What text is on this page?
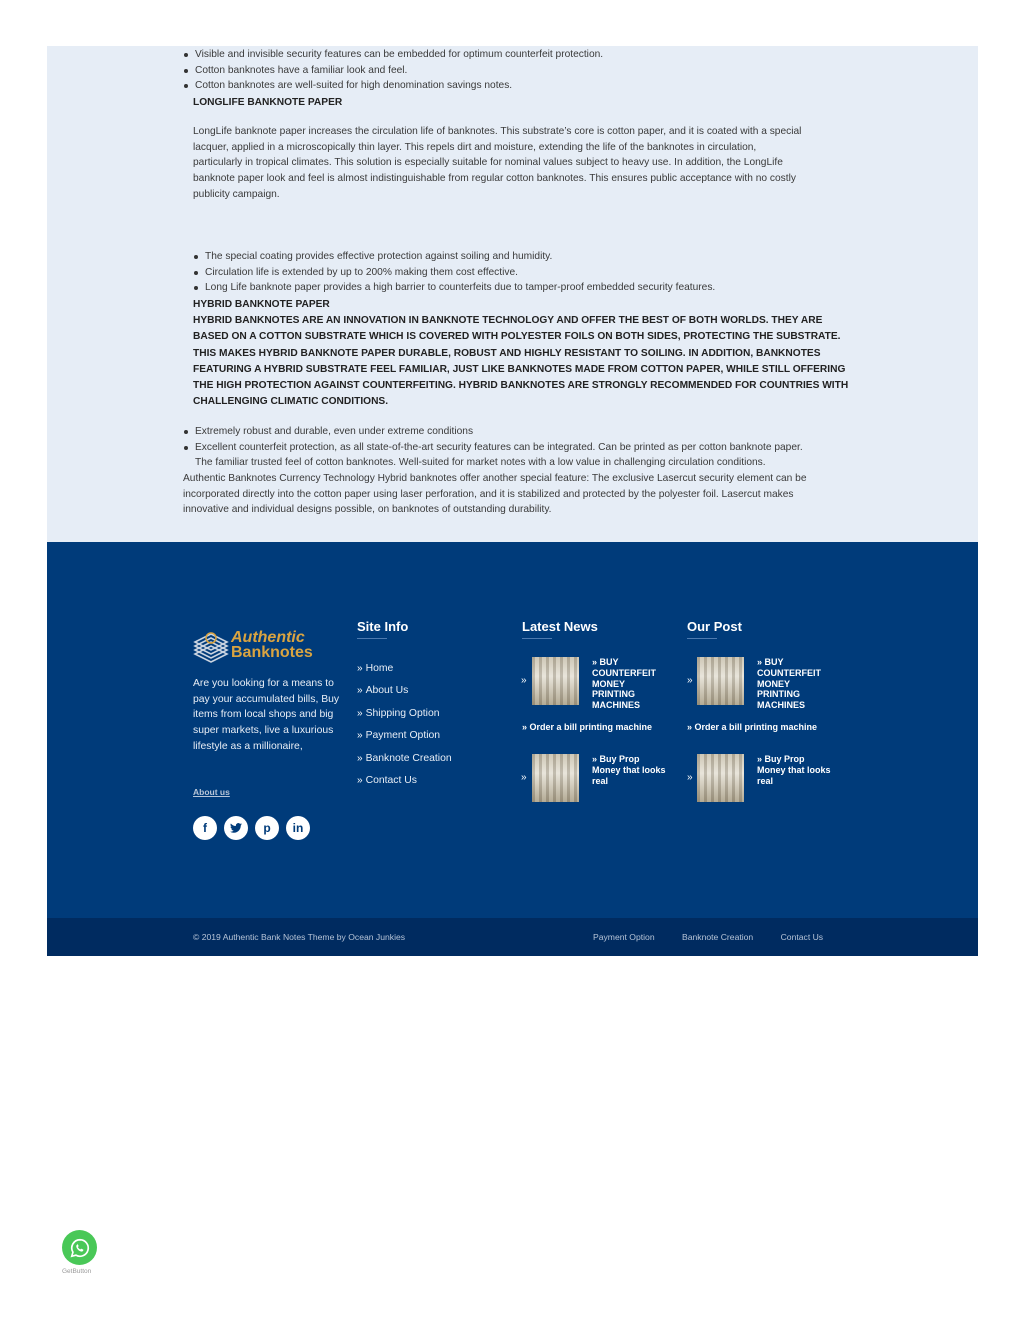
Visible and invisible security features can be embedded for optimum counterfeit protection.
Cotton banknotes have a familiar look and feel.
Cotton banknotes are well-suited for high denomination savings notes.
LONGLIFE BANKNOTE PAPER

LongLife banknote paper increases the circulation life of banknotes. This substrate’s core is cotton paper, and it is coated with a special

lacquer, applied in a microscopically thin layer. This repels dirt and moisture, extending the life of the banknotes in circulation,

particularly in tropical climates. This solution is especially suitable for nominal values subject to heavy use. In addition, the LongLife

banknote paper look and feel is almost indistinguishable from regular cotton banknotes. This ensures public acceptance with no costly

publicity campaign.

The special coating provides effective protection against soiling and humidity.
Circulation life is extended by up to 200% making them cost effective.
Long Life banknote paper provides a high barrier to counterfeits due to tamper-proof embedded security features.
HYBRID BANKNOTE PAPER

HYBRID BANKNOTES ARE AN INNOVATION IN BANKNOTE TECHNOLOGY AND OFFER THE BEST OF BOTH WORLDS. THEY ARE

BASED ON A COTTON SUBSTRATE WHICH IS COVERED WITH POLYESTER FOILS ON BOTH SIDES, PROTECTING THE SUBSTRATE.

THIS MAKES HYBRID BANKNOTE PAPER DURABLE, ROBUST AND HIGHLY RESISTANT TO SOILING. IN ADDITION, BANKNOTES

FEATURING A HYBRID SUBSTRATE FEEL FAMILIAR, JUST LIKE BANKNOTES MADE FROM COTTON PAPER, WHILE STILL OFFERING

THE HIGH PROTECTION AGAINST COUNTERFEITING. HYBRID BANKNOTES ARE STRONGLY RECOMMENDED FOR COUNTRIES WITH

CHALLENGING CLIMATIC CONDITIONS.

Extremely robust and durable, even under extreme conditions
Excellent counterfeit protection, as all state-of-the-art security features can be integrated. Can be printed as per cotton banknote paper.
The familiar trusted feel of cotton banknotes. Well-suited for market notes with a low value in challenging circulation conditions.

Authentic Banknotes Currency Technology Hybrid banknotes offer another special feature: The exclusive Lasercut security element can be

incorporated directly into the cotton paper using laser perforation, and it is stabilized and protected by the polyester foil. Lasercut makes

innovative and individual designs possible, on banknotes of outstanding durability.

Authentic
Banknotes
Are you looking for a means to pay your accumulated bills, Buy items from local shops and big super markets, live a luxurious lifestyle as a millionaire,
About us
f	p	in
Site Info
» Home
» About Us
» Shipping Option
» Payment Option
» Banknote Creation
» Contact Us
Latest News
»
» BUY COUNTERFEIT MONEY PRINTING MACHINES
» Order a bill printing machine
»
» Buy Prop Money that looks real
Our Post
»
» BUY COUNTERFEIT MONEY PRINTING MACHINES
» Order a bill printing machine
»
» Buy Prop Money that looks real
© 2019 Authentic Bank Notes Theme by Ocean Junkies	Payment Option	Banknote Creation	Contact Us
GetButton
